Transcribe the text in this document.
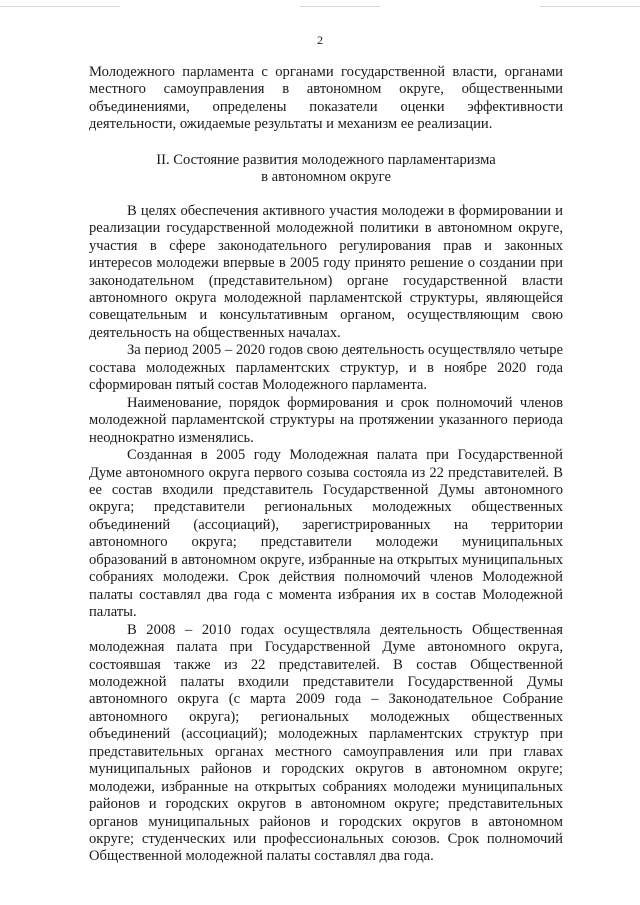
2

Молодежного парламента с органами государственной власти, органами местного самоуправления в автономном округе, общественными объединениями, определены показатели оценки эффективности деятельности, ожидаемые результаты и механизм ее реализации.

II. Состояние развития молодежного парламентаризма
в автономном округе

В целях обеспечения активного участия молодежи в формировании и реализации государственной молодежной политики в автономном округе, участия в сфере законодательного регулирования прав и законных интересов молодежи впервые в 2005 году принято решение о создании при законодательном (представительном) органе государственной власти автономного округа молодежной парламентской структуры, являющейся совещательным и консультативным органом, осуществляющим свою деятельность на общественных началах.

За период 2005 – 2020 годов свою деятельность осуществляло четыре состава молодежных парламентских структур, и в ноябре 2020 года сформирован пятый состав Молодежного парламента.

Наименование, порядок формирования и срок полномочий членов молодежной парламентской структуры на протяжении указанного периода неоднократно изменялись.

Созданная в 2005 году Молодежная палата при Государственной Думе автономного округа первого созыва состояла из 22 представителей. В ее состав входили представитель Государственной Думы автономного округа; представители региональных молодежных общественных объединений (ассоциаций), зарегистрированных на территории автономного округа; представители молодежи муниципальных образований в автономном округе, избранные на открытых муниципальных собраниях молодежи. Срок действия полномочий членов Молодежной палаты составлял два года с момента избрания их в состав Молодежной палаты.

В 2008 – 2010 годах осуществляла деятельность Общественная молодежная палата при Государственной Думе автономного округа, состоявшая также из 22 представителей. В состав Общественной молодежной палаты входили представители Государственной Думы автономного округа (с марта 2009 года – Законодательное Собрание автономного округа); региональных молодежных общественных объединений (ассоциаций); молодежных парламентских структур при представительных органах местного самоуправления или при главах муниципальных районов и городских округов в автономном округе; молодежи, избранные на открытых собраниях молодежи муниципальных районов и городских округов в автономном округе; представительных органов муниципальных районов и городских округов в автономном округе; студенческих или профессиональных союзов. Срок полномочий Общественной молодежной палаты составлял два года.
